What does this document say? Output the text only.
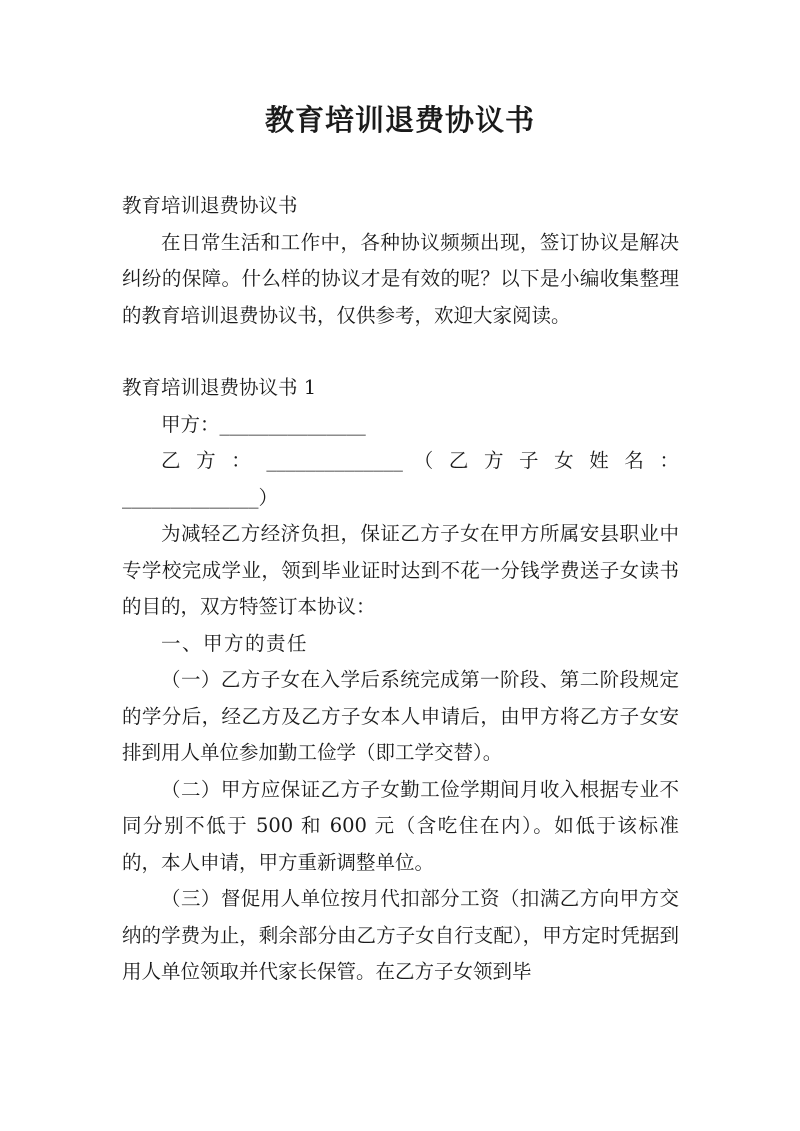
教育培训退费协议书

教育培训退费协议书

在日常生活和工作中，各种协议频频出现，签订协议是解决纠纷的保障。什么样的协议才是有效的呢？以下是小编收集整理的教育培训退费协议书，仅供参考，欢迎大家阅读。

教育培训退费协议书 1

甲方：_______________

乙 方 ： ______________ （ 乙 方 子 女 姓 名 ：

______________）

为减轻乙方经济负担，保证乙方子女在甲方所属安县职业中专学校完成学业，领到毕业证时达到不花一分钱学费送子女读书的目的，双方特签订本协议：

一、甲方的责任

（一）乙方子女在入学后系统完成第一阶段、第二阶段规定的学分后，经乙方及乙方子女本人申请后，由甲方将乙方子女安排到用人单位参加勤工俭学（即工学交替）。

（二）甲方应保证乙方子女勤工俭学期间月收入根据专业不同分别不低于 500 和 600 元（含吃住在内）。如低于该标准的，本人申请，甲方重新调整单位。

（三）督促用人单位按月代扣部分工资（扣满乙方向甲方交纳的学费为止，剩余部分由乙方子女自行支配），甲方定时凭据到用人单位领取并代家长保管。在乙方子女领到毕
